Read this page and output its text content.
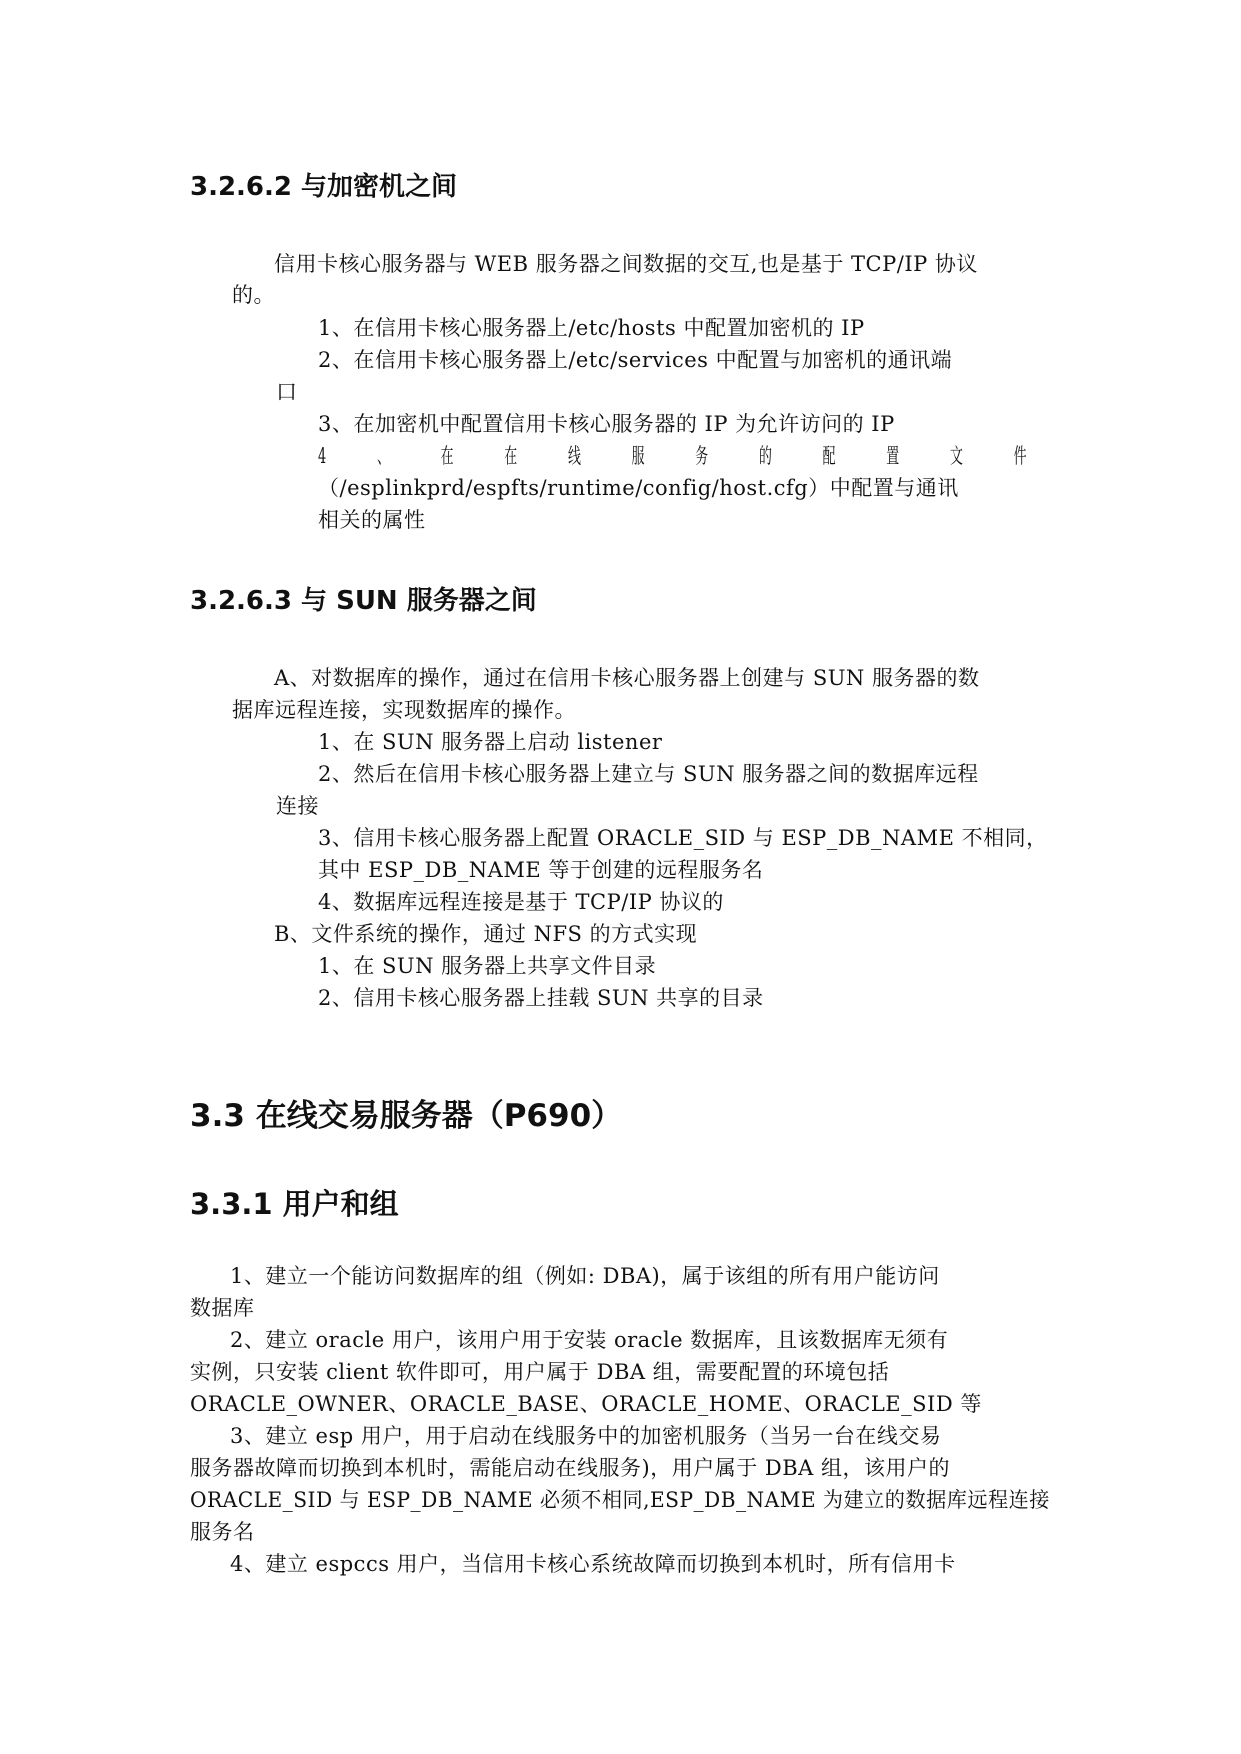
3.2.6.2 与加密机之间

信用卡核心服务器与 WEB 服务器之间数据的交互,也是基于 TCP/IP 协议

的。

1、在信用卡核心服务器上/etc/hosts 中配置加密机的 IP

2、在信用卡核心服务器上/etc/services 中配置与加密机的通讯端

口

3、在加密机中配置信用卡核心服务器的 IP 为允许访问的 IP

4 、 在 在 线 服 务 的 配 置 文 件

（/esplinkprd/espfts/runtime/config/host.cfg）中配置与通讯

相关的属性

3.2.6.3 与 SUN 服务器之间

A、对数据库的操作，通过在信用卡核心服务器上创建与 SUN 服务器的数

据库远程连接，实现数据库的操作。

1、在 SUN 服务器上启动 listener

2、然后在信用卡核心服务器上建立与 SUN 服务器之间的数据库远程

连接

3、信用卡核心服务器上配置 ORACLE_SID 与 ESP_DB_NAME 不相同，

其中 ESP_DB_NAME 等于创建的远程服务名

4、数据库远程连接是基于 TCP/IP 协议的

B、文件系统的操作，通过 NFS 的方式实现

1、在 SUN 服务器上共享文件目录

2、信用卡核心服务器上挂载 SUN 共享的目录

3.3 在线交易服务器（P690）
3.3.1 用户和组

1、建立一个能访问数据库的组（例如: DBA)，属于该组的所有用户能访问

数据库

2、建立 oracle 用户，该用户用于安装 oracle 数据库，且该数据库无须有

实例，只安装 client 软件即可，用户属于 DBA 组，需要配置的环境包括

ORACLE_OWNER、ORACLE_BASE、ORACLE_HOME、ORACLE_SID 等

3、建立 esp 用户，用于启动在线服务中的加密机服务（当另一台在线交易

服务器故障而切换到本机时，需能启动在线服务)，用户属于 DBA 组，该用户的

ORACLE_SID 与 ESP_DB_NAME 必须不相同,ESP_DB_NAME 为建立的数据库远程连接

服务名

4、建立 espccs 用户，当信用卡核心系统故障而切换到本机时，所有信用卡
